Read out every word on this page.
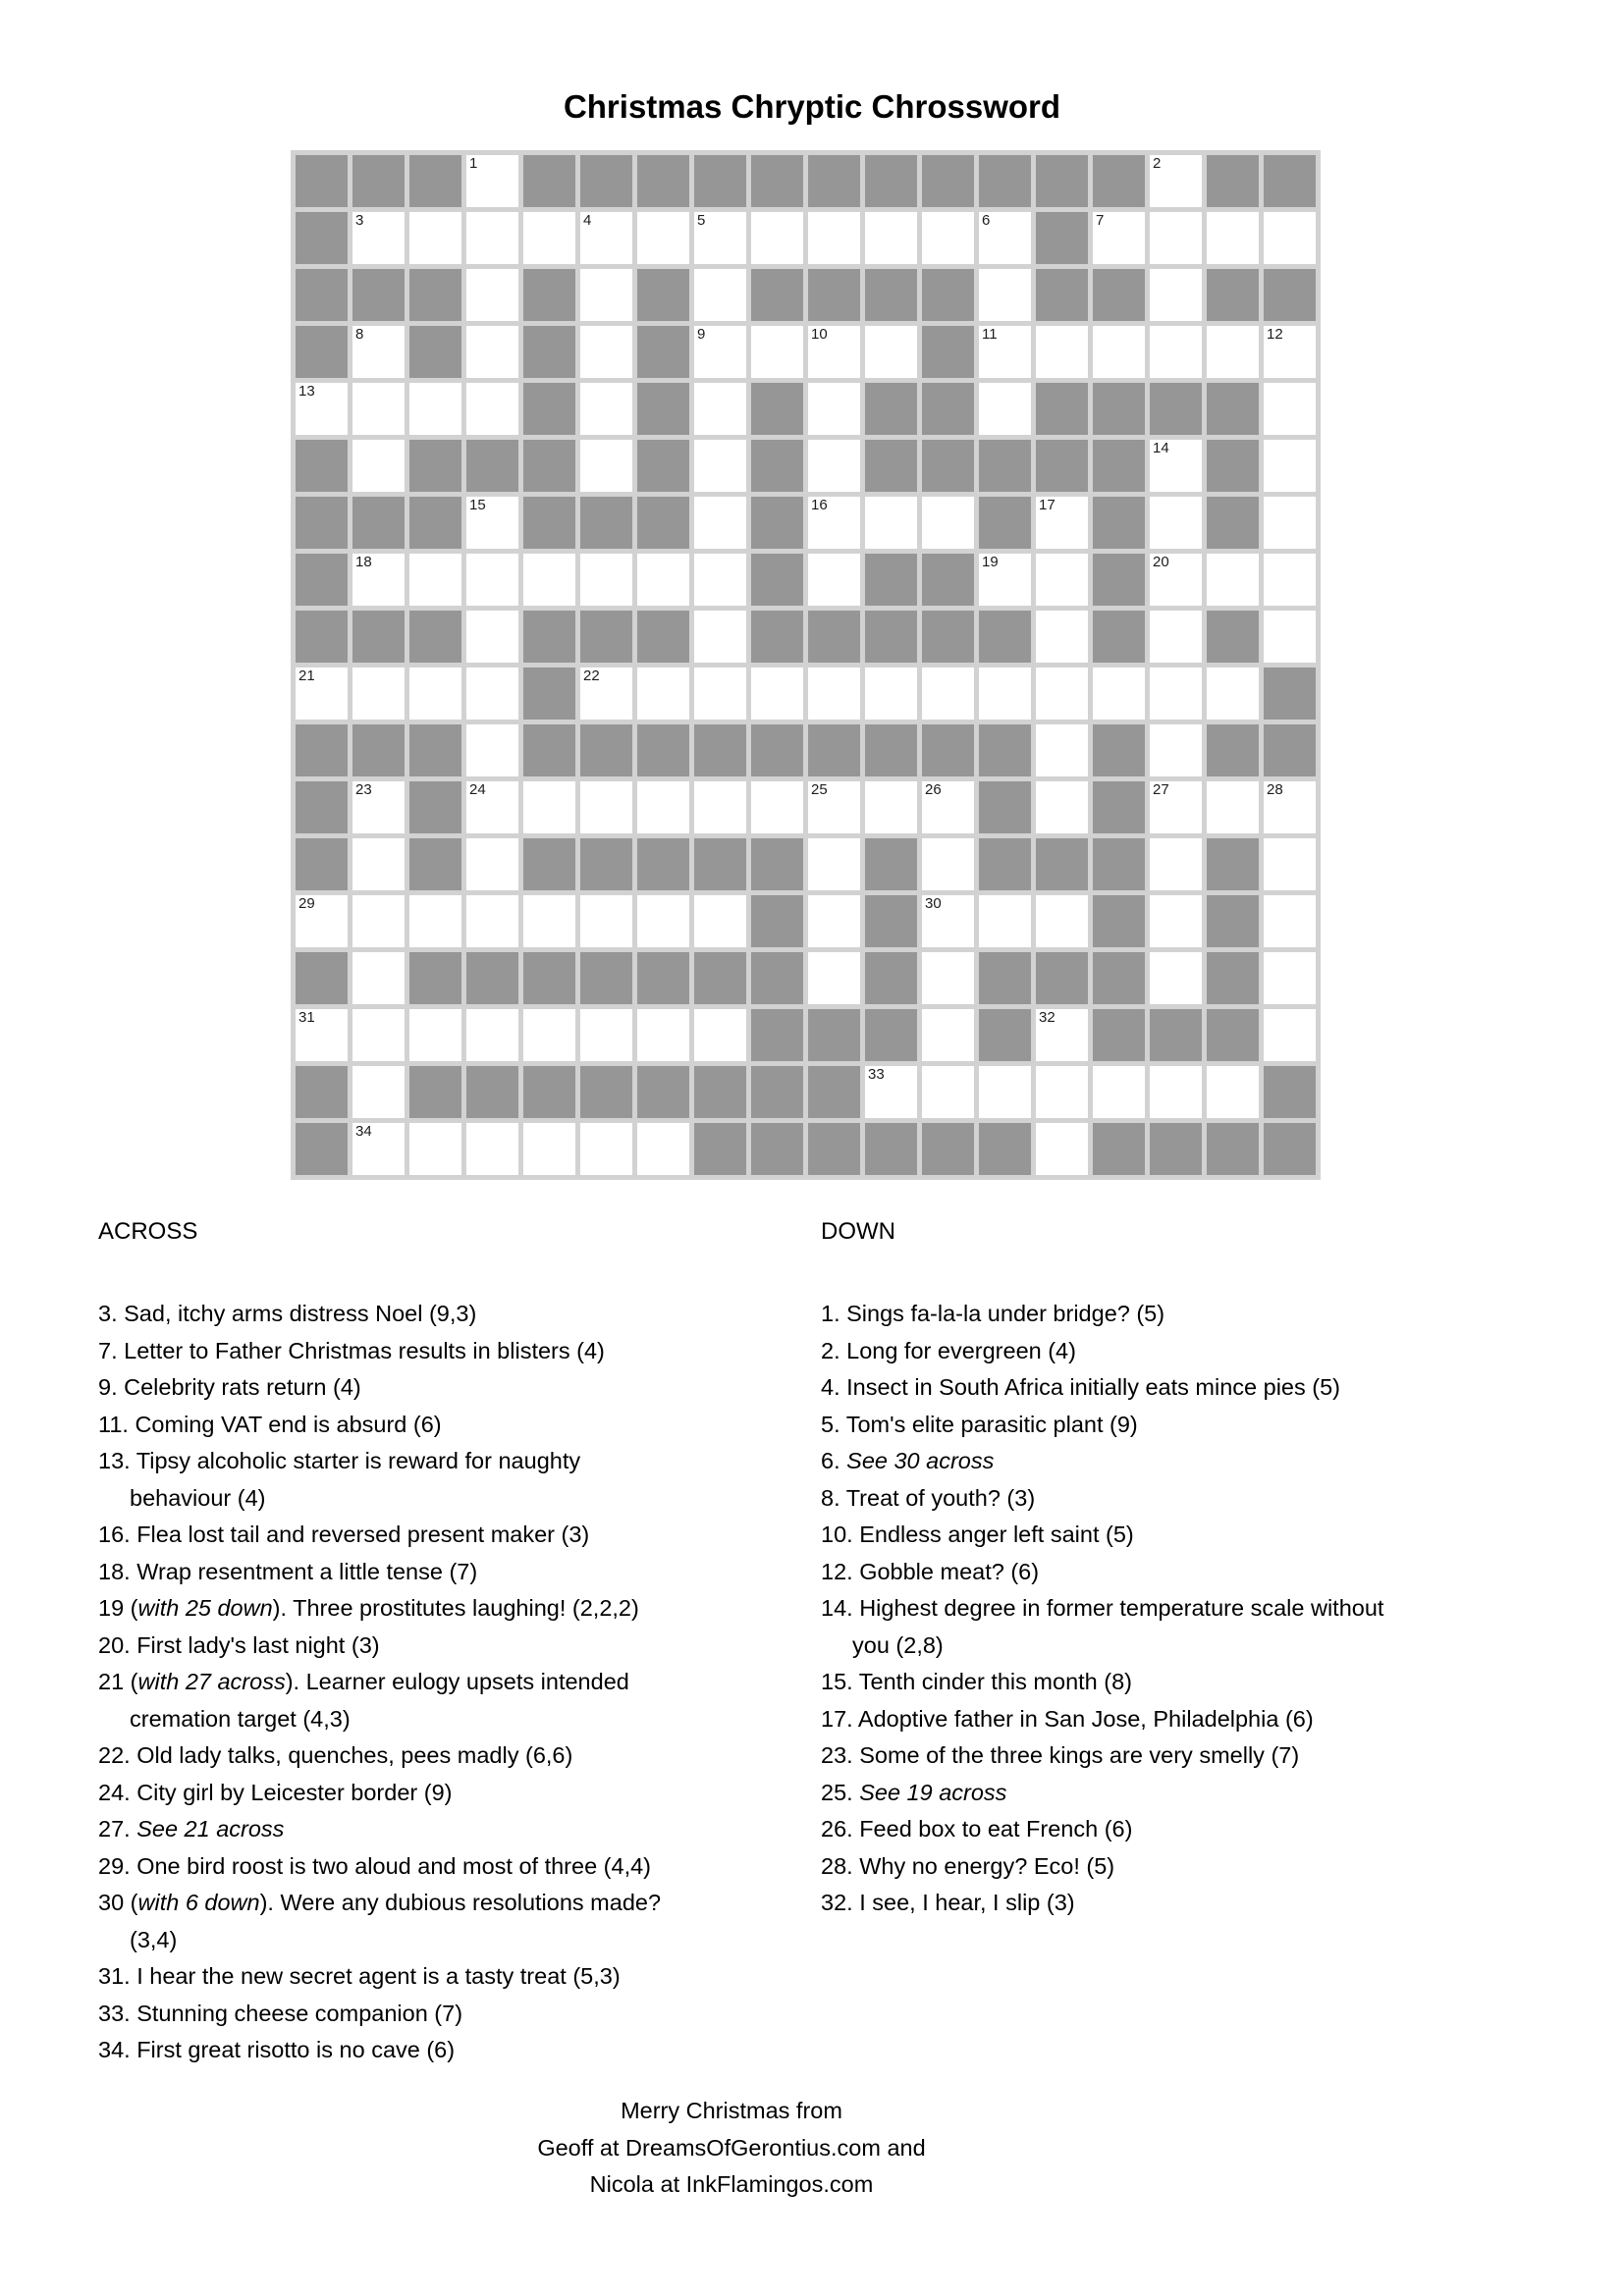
Christmas Chryptic Chrossword
1	2
3	4	5	6	7
8	9	10	11	12
13
14
15	16	17
18	19	20
21	22
23	24	25	26	27	28
29	30
31	32
33
34
ACROSS
3. Sad, itchy arms distress Noel (9,3)
7. Letter to Father Christmas results in blisters (4)
9. Celebrity rats return (4)
11. Coming VAT end is absurd (6)
13. Tipsy alcoholic starter is reward for naughty
behaviour (4)
16. Flea lost tail and reversed present maker (3)
18. Wrap resentment a little tense (7)
19 (with 25 down). Three prostitutes laughing! (2,2,2)
20. First lady's last night (3)
21 (with 27 across). Learner eulogy upsets intended
cremation target (4,3)
22. Old lady talks, quenches, pees madly (6,6)
24. City girl by Leicester border (9)
27. See 21 across
29. One bird roost is two aloud and most of three (4,4)
30 (with 6 down). Were any dubious resolutions made?
(3,4)
31. I hear the new secret agent is a tasty treat (5,3)
33. Stunning cheese companion (7)
34. First great risotto is no cave (6)
DOWN
1. Sings fa-la-la under bridge? (5)
2. Long for evergreen (4)
4. Insect in South Africa initially eats mince pies (5)
5. Tom's elite parasitic plant (9)
6. See 30 across
8. Treat of youth? (3)
10. Endless anger left saint (5)
12. Gobble meat? (6)
14. Highest degree in former temperature scale without
you (2,8)
15. Tenth cinder this month (8)
17. Adoptive father in San Jose, Philadelphia (6)
23. Some of the three kings are very smelly (7)
25. See 19 across
26. Feed box to eat French (6)
28. Why no energy? Eco! (5)
32. I see, I hear, I slip (3)
Merry Christmas from
Geoff at DreamsOfGerontius.com and
Nicola at InkFlamingos.com
